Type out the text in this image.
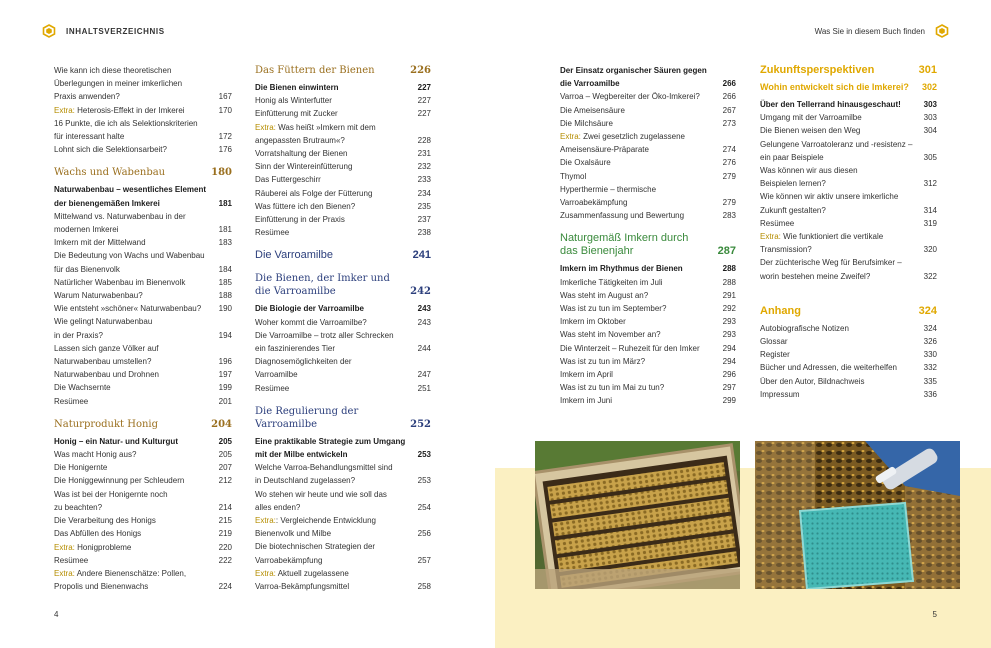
INHALTSVERZEICHNIS
4
Wie kann ich diese theoretischen
Überlegungen in meiner imkerlichen
Praxis anwenden?	167
Extra: Heterosis-Effekt in der Imkerei	170
16 Punkte, die ich als Selektionskriterien
für interessant halte	172
Lohnt sich die Selektionsarbeit?	176
Wachs und Wabenbau	180
Naturwabenbau – wesentliches Element
der bienengemäßen Imkerei	181
Mittelwand vs. Naturwabenbau in der
modernen Imkerei	181
Imkern mit der Mittelwand	183
Die Bedeutung von Wachs und Wabenbau
für das Bienenvolk	184
Natürlicher Wabenbau im Bienenvolk	185
Warum Naturwabenbau?	188
Wie entsteht »schöner« Naturwabenbau?	190
Wie gelingt Naturwabenbau
in der Praxis?	194
Lassen sich ganze Völker auf
Naturwabenbau umstellen?	196
Naturwabenbau und Drohnen	197
Die Wachsernte	199
Resümee	201
Naturprodukt Honig	204
Honig – ein Natur- und Kulturgut	205
Was macht Honig aus?	205
Die Honigernte	207
Die Honiggewinnung per Schleudern	212
Was ist bei der Honigernte noch
zu beachten?	214
Die Verarbeitung des Honigs	215
Das Abfüllen des Honigs	219
Extra: Honigprobleme	220
Resümee	222
Extra: Andere Bienenschätze: Pollen,
Propolis und Bienenwachs	224
Das Füttern der Bienen	226
Die Bienen einwintern	227
Honig als Winterfutter	227
Einfütterung mit Zucker	227
Extra: Was heißt »Imkern mit dem
angepassten Brutraum«?	228
Vorratshaltung der Bienen	231
Sinn der Wintereinfütterung	232
Das Futtergeschirr	233
Räuberei als Folge der Fütterung	234
Was füttere ich den Bienen?	235
Einfütterung in der Praxis	237
Resümee	238
Die Varroamilbe	241
Die Bienen, der Imker und
die Varroamilbe	242
Die Biologie der Varroamilbe	243
Woher kommt die Varroamilbe?	243
Die Varroamilbe – trotz aller Schrecken
ein faszinierendes Tier	244
Diagnosemöglichkeiten der
Varroamilbe	247
Resümee	251
Die Regulierung der
Varroamilbe	252
Eine praktikable Strategie zum Umgang
mit der Milbe entwickeln	253
Welche Varroa-Behandlungsmittel sind
in Deutschland zugelassen?	253
Wo stehen wir heute und wie soll das
alles enden?	254
Extra:: Vergleichende Entwicklung
Bienenvolk und Milbe	256
Die biotechnischen Strategien der
Varroabekämpfung	257
Extra: Aktuell zugelassene
Varroa-Bekämpfungsmittel	258
Was Sie in diesem Buch finden
5
Der Einsatz organischer Säuren gegen
die Varroamilbe	266
Varroa – Wegbereiter der Öko-Imkerei?	266
Die Ameisensäure	267
Die Milchsäure	273
Extra: Zwei gesetzlich zugelassene
Ameisensäure-Präparate	274
Die Oxalsäure	276
Thymol	279
Hyperthermie – thermische
Varroabekämpfung	279
Zusammenfassung und Bewertung	283
Naturgemäß Imkern durch
das Bienenjahr	287
Imkern im Rhythmus der Bienen	288
Imkerliche Tätigkeiten im Juli	288
Was steht im August an?	291
Was ist zu tun im September?	292
Imkern im Oktober	293
Was steht im November an?	293
Die Winterzeit – Ruhezeit für den Imker	294
Was ist zu tun im März?	294
Imkern im April	296
Was ist zu tun im Mai zu tun?	297
Imkern im Juni	299
Zukunftsperspektiven	301
Wohin entwickelt sich die Imkerei? 302
Über den Tellerrand hinausgeschaut!	303
Umgang mit der Varroamilbe	303
Die Bienen weisen den Weg	304
Gelungene Varroatoleranz und -resistenz –
ein paar Beispiele	305
Was können wir aus diesen
Beispielen lernen?	312
Wie können wir aktiv unsere imkerliche
Zukunft gestalten?	314
Resümee	319
Extra: Wie funktioniert die vertikale
Transmission?	320
Der züchterische Weg für Berufsimker –
worin bestehen meine Zweifel?	322
Anhang	324
Autobiografische Notizen	324
Glossar	326
Register	330
Bücher und Adressen, die weiterhelfen	332
Über den Autor, Bildnachweis	335
Impressum	336
